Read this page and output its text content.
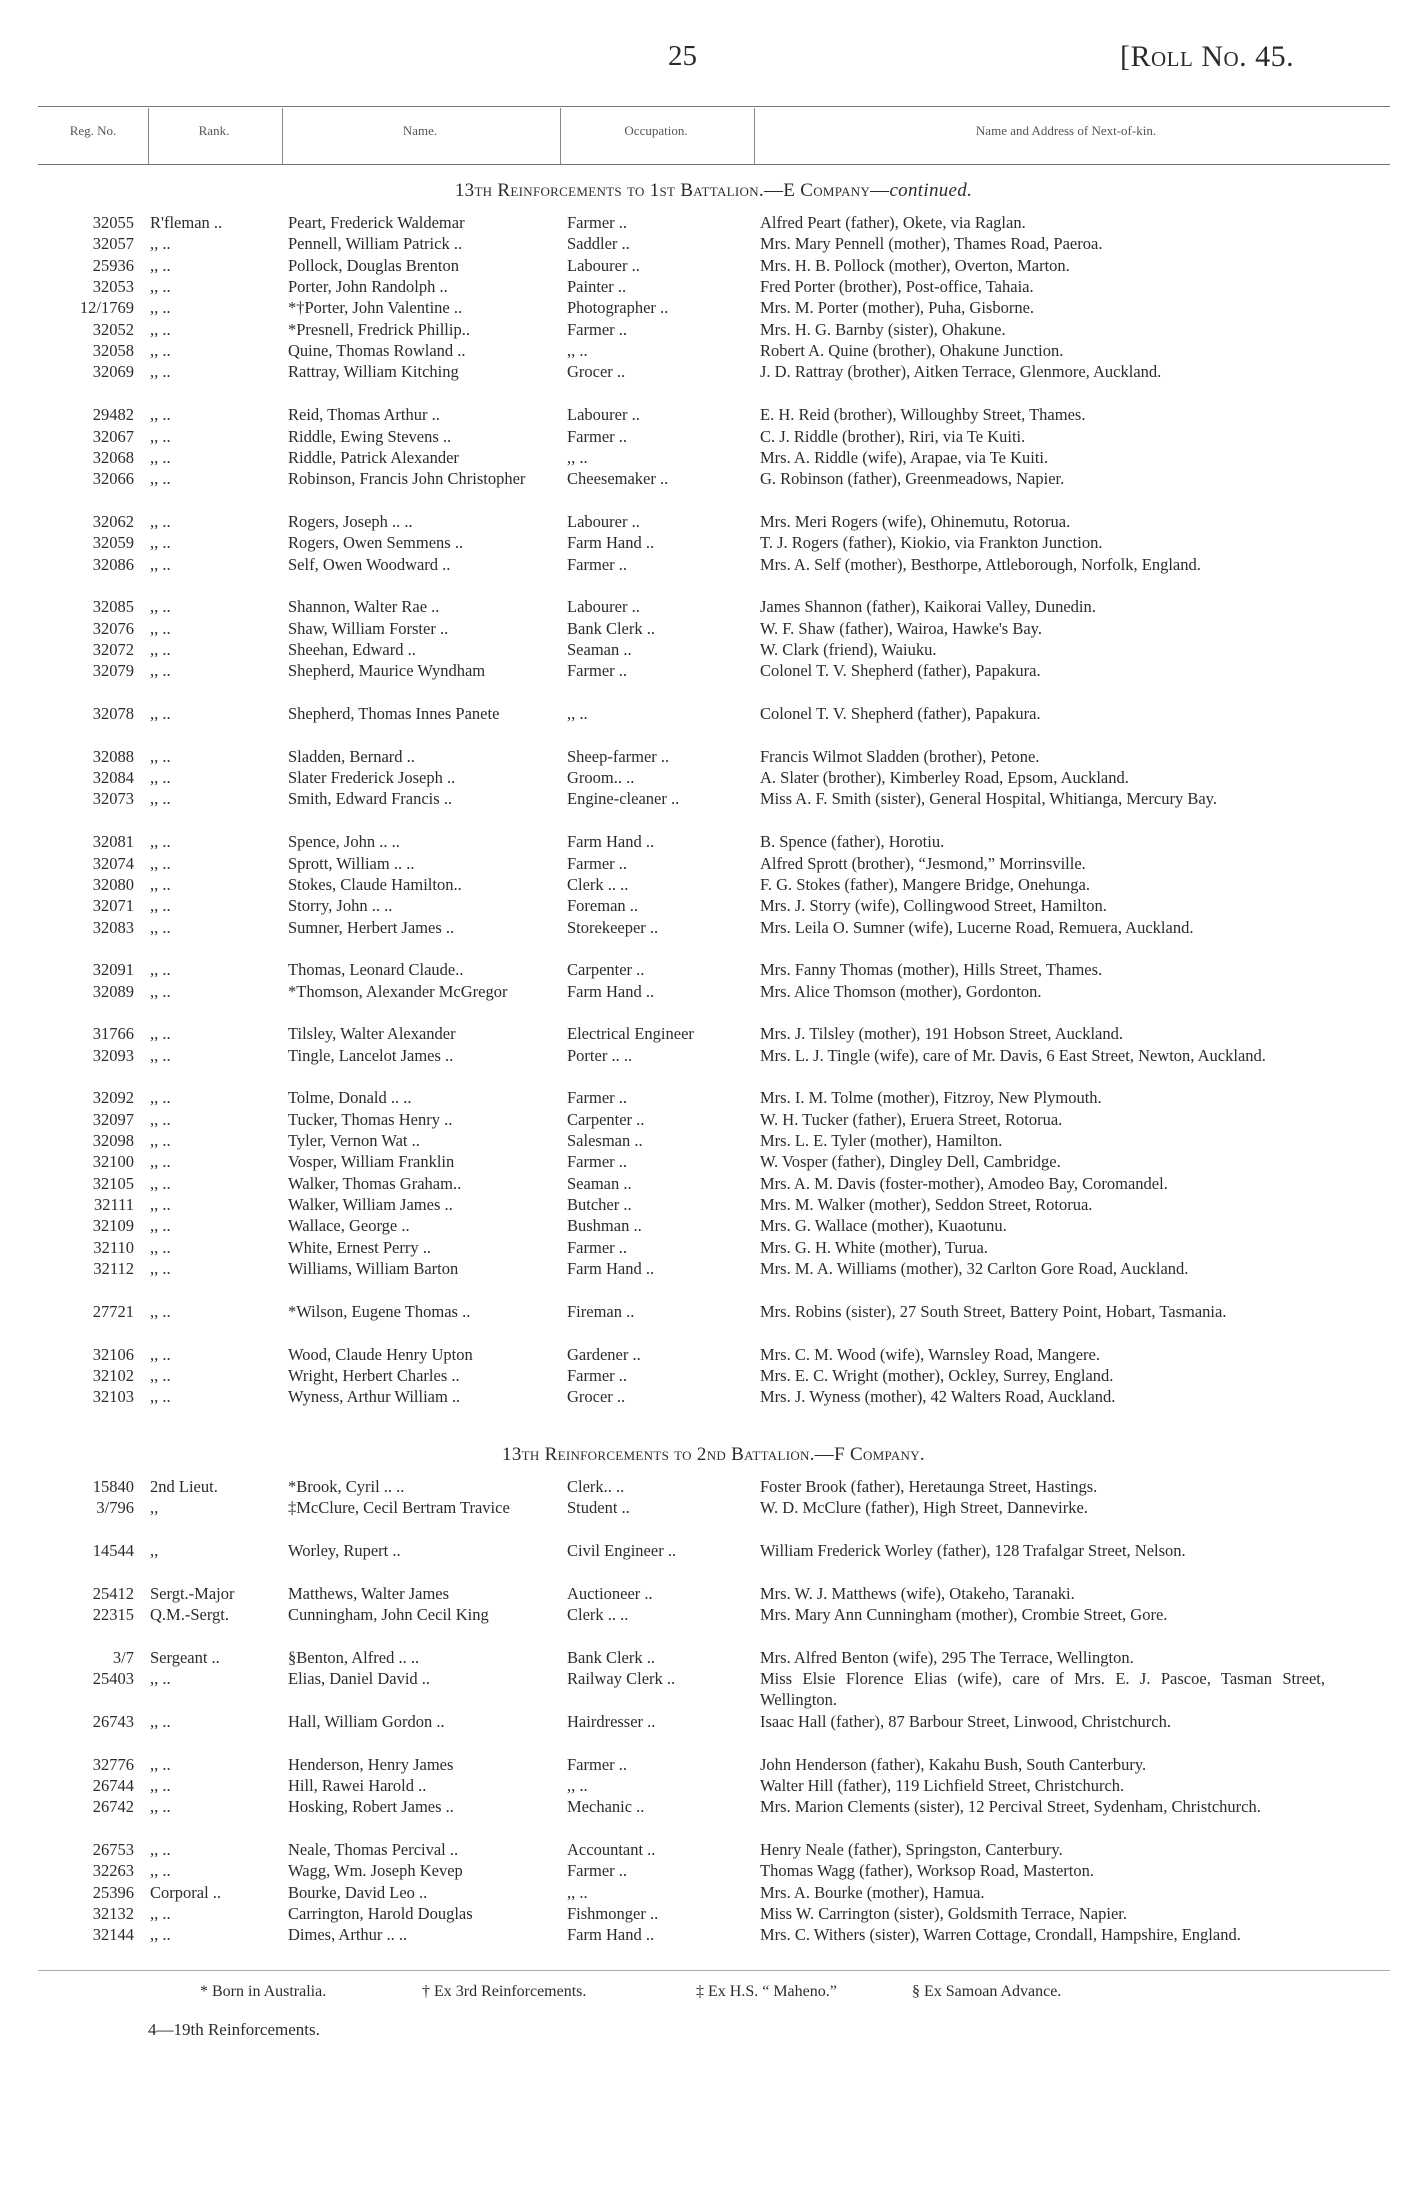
25	[Roll No. 45.
Reg. No.	Rank.	Name.	Occupation.	Name and Address of Next-of-kin.
13th Reinforcements to 1st Battalion.—E Company—continued.
32055 R'fleman ..	Peart, Frederick Waldemar	Farmer ..	Alfred Peart (father), Okete, via Raglan.
32057 ,, ..	Pennell, William Patrick ..	Saddler ..	Mrs. Mary Pennell (mother), Thames Road, Paeroa.
25936 ,, ..	Pollock, Douglas Brenton	Labourer ..	Mrs. H. B. Pollock (mother), Overton, Marton.
32053 ,, ..	Porter, John Randolph ..	Painter ..	Fred Porter (brother), Post-office, Tahaia.
12/1769 ,, ..	*†Porter, John Valentine ..	Photographer ..	Mrs. M. Porter (mother), Puha, Gisborne.
32052 ,, ..	*Presnell, Fredrick Phillip..	Farmer ..	Mrs. H. G. Barnby (sister), Ohakune.
32058 ,, ..	Quine, Thomas Rowland ..	,, ..	Robert A. Quine (brother), Ohakune Junction.
32069 ,, ..	Rattray, William Kitching	Grocer ..	J. D. Rattray (brother), Aitken Terrace, Glenmore, Auckland.
29482 ,, ..	Reid, Thomas Arthur ..	Labourer ..	E. H. Reid (brother), Willoughby Street, Thames.
32067 ,, ..	Riddle, Ewing Stevens ..	Farmer ..	C. J. Riddle (brother), Riri, via Te Kuiti.
32068 ,, ..	Riddle, Patrick Alexander	,, ..	Mrs. A. Riddle (wife), Arapae, via Te Kuiti.
32066 ,, ..	Robinson, Francis John Christopher	Cheesemaker ..	G. Robinson (father), Greenmeadows, Napier.
32062 ,, ..	Rogers, Joseph .. ..	Labourer ..	Mrs. Meri Rogers (wife), Ohinemutu, Rotorua.
32059 ,, ..	Rogers, Owen Semmens ..	Farm Hand ..	T. J. Rogers (father), Kiokio, via Frankton Junction.
32086 ,, ..	Self, Owen Woodward ..	Farmer ..	Mrs. A. Self (mother), Besthorpe, Attleborough, Norfolk, England.
32085 ,, ..	Shannon, Walter Rae ..	Labourer ..	James Shannon (father), Kaikorai Valley, Dunedin.
32076 ,, ..	Shaw, William Forster ..	Bank Clerk ..	W. F. Shaw (father), Wairoa, Hawke's Bay.
32072 ,, ..	Sheehan, Edward ..	Seaman ..	W. Clark (friend), Waiuku.
32079 ,, ..	Shepherd, Maurice Wyndham	Farmer ..	Colonel T. V. Shepherd (father), Papakura.
32078 ,, ..	Shepherd, Thomas Innes Panete	,, ..	Colonel T. V. Shepherd (father), Papakura.
32088 ,, ..	Sladden, Bernard ..	Sheep-farmer ..	Francis Wilmot Sladden (brother), Petone.
32084 ,, ..	Slater Frederick Joseph ..	Groom.. ..	A. Slater (brother), Kimberley Road, Epsom, Auckland.
32073 ,, ..	Smith, Edward Francis ..	Engine-cleaner ..	Miss A. F. Smith (sister), General Hospital, Whitianga, Mercury Bay.
32081 ,, ..	Spence, John .. ..	Farm Hand ..	B. Spence (father), Horotiu.
32074 ,, ..	Sprott, William .. ..	Farmer ..	Alfred Sprott (brother), “Jesmond,” Morrinsville.
32080 ,, ..	Stokes, Claude Hamilton..	Clerk .. ..	F. G. Stokes (father), Mangere Bridge, Onehunga.
32071 ,, ..	Storry, John .. ..	Foreman ..	Mrs. J. Storry (wife), Collingwood Street, Hamilton.
32083 ,, ..	Sumner, Herbert James ..	Storekeeper ..	Mrs. Leila O. Sumner (wife), Lucerne Road, Remuera, Auckland.
32091 ,, ..	Thomas, Leonard Claude..	Carpenter ..	Mrs. Fanny Thomas (mother), Hills Street, Thames.
32089 ,, ..	*Thomson, Alexander McGregor	Farm Hand ..	Mrs. Alice Thomson (mother), Gordonton.
31766 ,, ..	Tilsley, Walter Alexander	Electrical Engineer	Mrs. J. Tilsley (mother), 191 Hobson Street, Auckland.
32093 ,, ..	Tingle, Lancelot James ..	Porter .. ..	Mrs. L. J. Tingle (wife), care of Mr. Davis, 6 East Street, Newton, Auckland.
32092 ,, ..	Tolme, Donald .. ..	Farmer ..	Mrs. I. M. Tolme (mother), Fitzroy, New Plymouth.
32097 ,, ..	Tucker, Thomas Henry ..	Carpenter ..	W. H. Tucker (father), Eruera Street, Rotorua.
32098 ,, ..	Tyler, Vernon Wat ..	Salesman ..	Mrs. L. E. Tyler (mother), Hamilton.
32100 ,, ..	Vosper, William Franklin	Farmer ..	W. Vosper (father), Dingley Dell, Cambridge.
32105 ,, ..	Walker, Thomas Graham..	Seaman ..	Mrs. A. M. Davis (foster-mother), Amodeo Bay, Coromandel.
32111 ,, ..	Walker, William James ..	Butcher ..	Mrs. M. Walker (mother), Seddon Street, Rotorua.
32109 ,, ..	Wallace, George ..	Bushman ..	Mrs. G. Wallace (mother), Kuaotunu.
32110 ,, ..	White, Ernest Perry ..	Farmer ..	Mrs. G. H. White (mother), Turua.
32112 ,, ..	Williams, William Barton	Farm Hand ..	Mrs. M. A. Williams (mother), 32 Carlton Gore Road, Auckland.
27721 ,, ..	*Wilson, Eugene Thomas ..	Fireman ..	Mrs. Robins (sister), 27 South Street, Battery Point, Hobart, Tasmania.
32106 ,, ..	Wood, Claude Henry Upton	Gardener ..	Mrs. C. M. Wood (wife), Warnsley Road, Mangere.
32102 ,, ..	Wright, Herbert Charles ..	Farmer ..	Mrs. E. C. Wright (mother), Ockley, Surrey, England.
32103 ,, ..	Wyness, Arthur William ..	Grocer ..	Mrs. J. Wyness (mother), 42 Walters Road, Auckland.
13th Reinforcements to 2nd Battalion.—F Company.
15840 2nd Lieut.	*Brook, Cyril .. ..	Clerk.. ..	Foster Brook (father), Heretaunga Street, Hastings.
3/796 ,,	‡McClure, Cecil Bertram Travice	Student ..	W. D. McClure (father), High Street, Dannevirke.
14544 ,,	Worley, Rupert ..	Civil Engineer ..	William Frederick Worley (father), 128 Trafalgar Street, Nelson.
25412 Sergt.-Major	Matthews, Walter James	Auctioneer ..	Mrs. W. J. Matthews (wife), Otakeho, Taranaki.
22315 Q.M.-Sergt.	Cunningham, John Cecil King	Clerk .. ..	Mrs. Mary Ann Cunningham (mother), Crombie Street, Gore.
3/7 Sergeant ..	§Benton, Alfred .. ..	Bank Clerk ..	Mrs. Alfred Benton (wife), 295 The Terrace, Wellington.
25403 ,, ..	Elias, Daniel David ..	Railway Clerk ..	Miss Elsie Florence Elias (wife), care of Mrs. E. J. Pascoe, Tasman Street, Wellington.
26743 ,, ..	Hall, William Gordon ..	Hairdresser ..	Isaac Hall (father), 87 Barbour Street, Linwood, Christchurch.
32776 ,, ..	Henderson, Henry James	Farmer ..	John Henderson (father), Kakahu Bush, South Canterbury.
26744 ,, ..	Hill, Rawei Harold ..	,, ..	Walter Hill (father), 119 Lichfield Street, Christchurch.
26742 ,, ..	Hosking, Robert James ..	Mechanic ..	Mrs. Marion Clements (sister), 12 Percival Street, Sydenham, Christchurch.
26753 ,, ..	Neale, Thomas Percival ..	Accountant ..	Henry Neale (father), Springston, Canterbury.
32263 ,, ..	Wagg, Wm. Joseph Kevep	Farmer ..	Thomas Wagg (father), Worksop Road, Masterton.
25396 Corporal ..	Bourke, David Leo ..	,, ..	Mrs. A. Bourke (mother), Hamua.
32132 ,, ..	Carrington, Harold Douglas	Fishmonger ..	Miss W. Carrington (sister), Goldsmith Terrace, Napier.
32144 ,, ..	Dimes, Arthur .. ..	Farm Hand ..	Mrs. C. Withers (sister), Warren Cottage, Crondall, Hampshire, England.
* Born in Australia.	† Ex 3rd Reinforcements.	‡ Ex H.S. “ Maheno.”	§ Ex Samoan Advance.
4—19th Reinforcements.
